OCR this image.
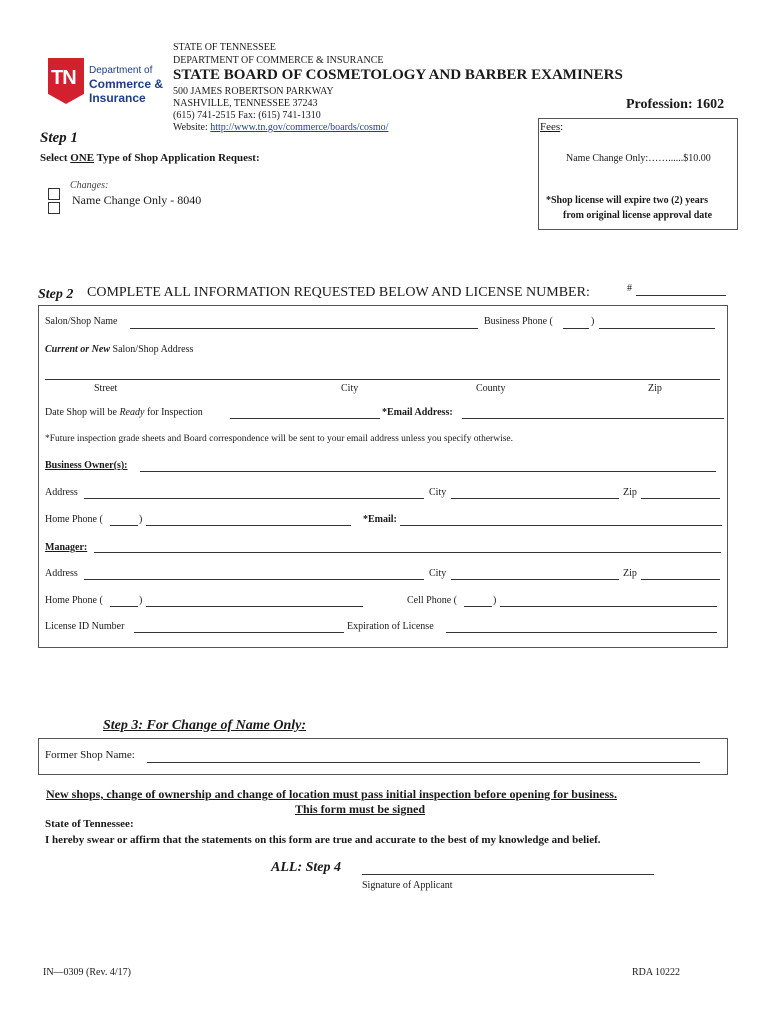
TN Department of
Commerce &
Insurance
STATE OF TENNESSEE
DEPARTMENT OF COMMERCE & INSURANCE
STATE BOARD OF COSMETOLOGY AND BARBER EXAMINERS
500 JAMES ROBERTSON PARKWAY
NASHVILLE, TENNESSEE 37243
(615) 741-2515 Fax: (615) 741-1310
Website: http://www.tn.gov/commerce/boards/cosmo/
Profession: 1602
Fees:
Name Change Only:……......$10.00
*Shop license will expire two (2) years
from original license approval date
Step 1
Select ONE Type of Shop Application Request:
Changes:
Name Change Only - 8040
Step 2 COMPLETE ALL INFORMATION REQUESTED BELOW AND LICENSE NUMBER:	#
Salon/Shop Name	Business Phone (	)
Current or New Salon/Shop Address
Street	City	County	Zip
Date Shop will be Ready for Inspection	*Email Address:
*Future inspection grade sheets and Board correspondence will be sent to your email address unless you specify otherwise.
Business Owner(s):
Address	City	Zip
Home Phone (	)	*Email:
Manager:
Address	City	Zip
Home Phone (	)	Cell Phone (	)
License ID Number	Expiration of License
Step 3: For Change of Name Only:
Former Shop Name:
New shops, change of ownership and change of location must pass initial inspection before opening for business.
This form must be signed
State of Tennessee:
I hereby swear or affirm that the statements on this form are true and accurate to the best of my knowledge and belief.
ALL: Step 4
Signature of Applicant
IN—0309 (Rev. 4/17)	RDA 10222
